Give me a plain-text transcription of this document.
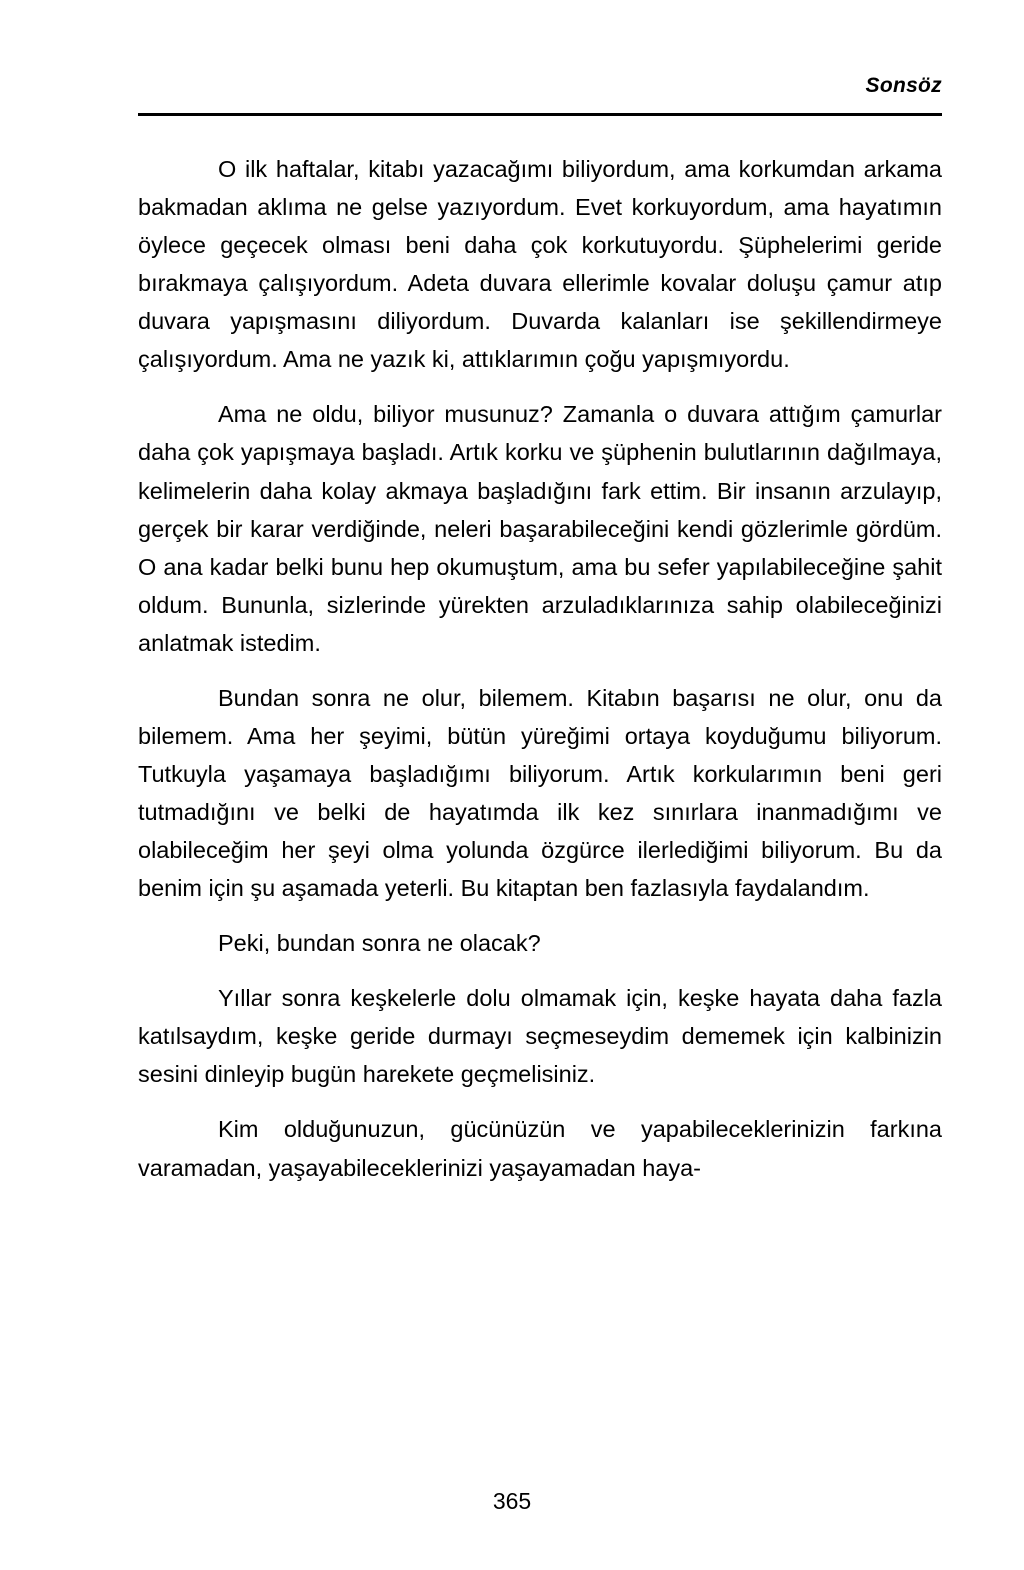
Sonsöz

O ilk haftalar, kitabı yazacağımı biliyordum, ama korkumdan arkama bakmadan aklıma ne gelse yazıyordum. Evet korkuyordum, ama hayatımın öylece geçecek olması beni daha çok korkutuyordu. Şüphelerimi geride bırakmaya çalışıyordum. Adeta duvara ellerimle kovalar doluşu çamur atıp duvara yapışmasını diliyordum. Duvarda kalanları ise şekillendirmeye çalışıyordum. Ama ne yazık ki, attıklarımın çoğu yapışmıyordu.

Ama ne oldu, biliyor musunuz? Zamanla o duvara attığım çamurlar daha çok yapışmaya başladı. Artık korku ve şüphenin bulutlarının dağılmaya, kelimelerin daha kolay akmaya başladığını fark ettim. Bir insanın arzulayıp, gerçek bir karar verdiğinde, neleri başarabileceğini kendi gözlerimle gördüm. O ana kadar belki bunu hep okumuştum, ama bu sefer yapılabileceğine şahit oldum. Bununla, sizlerinde yürekten arzuladıklarınıza sahip olabileceğinizi anlatmak istedim.

Bundan sonra ne olur, bilemem. Kitabın başarısı ne olur, onu da bilemem. Ama her şeyimi, bütün yüreğimi ortaya koyduğumu biliyorum. Tutkuyla yaşamaya başladığımı biliyorum. Artık korkularımın beni geri tutmadığını ve belki de hayatımda ilk kez sınırlara inanmadığımı ve olabileceğim her şeyi olma yolunda özgürce ilerlediğimi biliyorum. Bu da benim için şu aşamada yeterli. Bu kitaptan ben fazlasıyla faydalandım.

Peki, bundan sonra ne olacak?

Yıllar sonra keşkelerle dolu olmamak için, keşke hayata daha fazla katılsaydım, keşke geride durmayı seçmeseydim dememek için kalbinizin sesini dinleyip bugün harekete geçmelisiniz.

Kim olduğunuzun, gücünüzün ve yapabileceklerinizin farkına varamadan, yaşayabileceklerinizi yaşayamadan haya-

365
